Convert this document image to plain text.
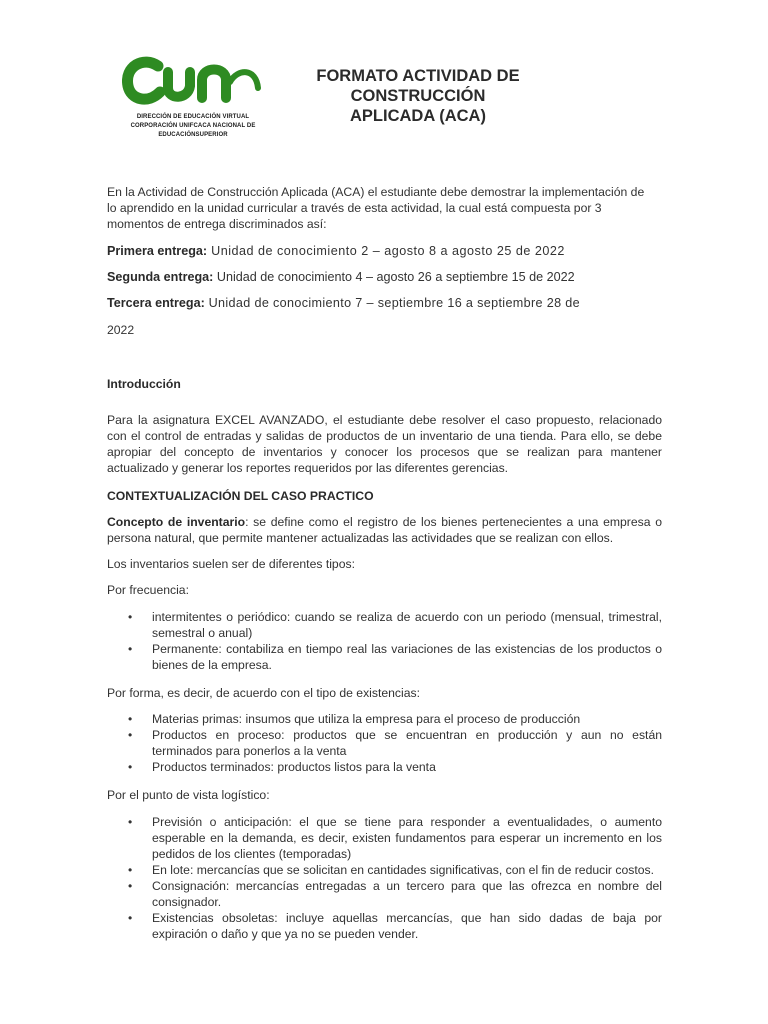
DIRECCIÓN DE EDUCACIÓN VIRTUAL
CORPORACIÓN UNIFCACA NACIONAL DE
EDUCACIÓNSUPERIOR
FORMATO ACTIVIDAD DE CONSTRUCCIÓN
APLICADA (ACA)
En la Actividad de Construcción Aplicada (ACA) el estudiante debe demostrar la implementación de lo aprendido en la unidad curricular a través de esta actividad, la cual está compuesta por 3 momentos de entrega discriminados así:
Primera entrega: Unidad de conocimiento 2 – agosto 8 a agosto 25 de 2022
Segunda entrega: Unidad de conocimiento 4 – agosto 26 a septiembre 15 de 2022
Tercera entrega: Unidad de conocimiento 7 – septiembre 16 a septiembre 28 de
2022
Introducción
Para la asignatura EXCEL AVANZADO, el estudiante debe resolver el caso propuesto, relacionado con el control de entradas y salidas de productos de un inventario de una tienda. Para ello, se debe apropiar del concepto de inventarios y conocer los procesos que se realizan para mantener actualizado y generar los reportes requeridos por las diferentes gerencias.
CONTEXTUALIZACIÓN DEL CASO PRACTICO
Concepto de inventario: se define como el registro de los bienes pertenecientes a una empresa o persona natural, que permite mantener actualizadas las actividades que se realizan con ellos.
Los inventarios suelen ser de diferentes tipos:
Por frecuencia:
• intermitentes o periódico: cuando se realiza de acuerdo con un periodo (mensual, trimestral, semestral o anual)
• Permanente: contabiliza en tiempo real las variaciones de las existencias de los productos o bienes de la empresa.
Por forma, es decir, de acuerdo con el tipo de existencias:
• Materias primas: insumos que utiliza la empresa para el proceso de producción
• Productos en proceso: productos que se encuentran en producción y aun no están terminados para ponerlos a la venta
• Productos terminados: productos listos para la venta
Por el punto de vista logístico:
• Previsión o anticipación: el que se tiene para responder a eventualidades, o aumento esperable en la demanda, es decir, existen fundamentos para esperar un incremento en los pedidos de los clientes (temporadas)
• En lote: mercancías que se solicitan en cantidades significativas, con el fin de reducir costos.
• Consignación: mercancías entregadas a un tercero para que las ofrezca en nombre del consignador.
• Existencias obsoletas: incluye aquellas mercancías, que han sido dadas de baja por expiración o daño y que ya no se pueden vender.
